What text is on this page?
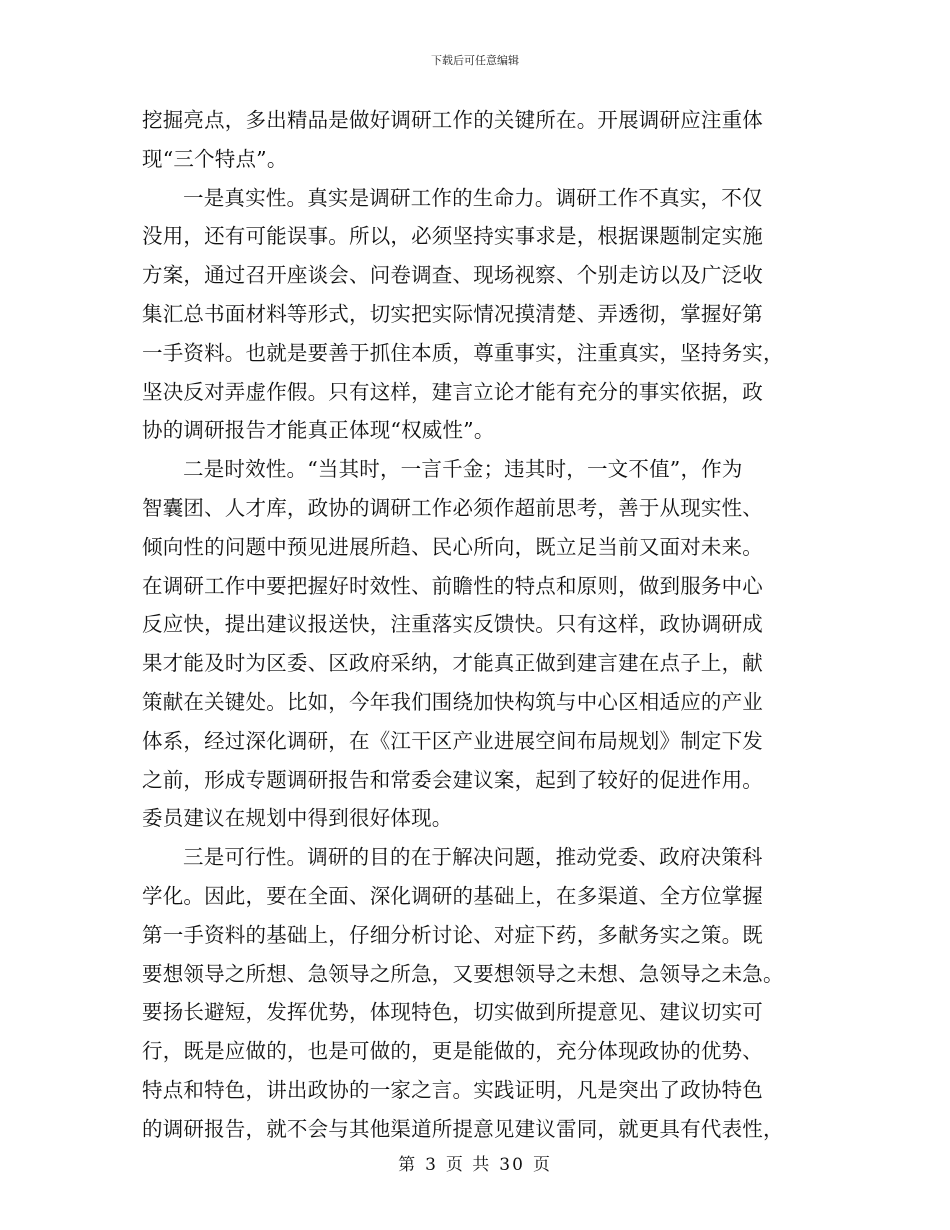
下载后可任意编辑
挖掘亮点，多出精品是做好调研工作的关键所在。开展调研应注重体
现“三个特点”。
一是真实性。真实是调研工作的生命力。调研工作不真实，不仅
没用，还有可能误事。所以，必须坚持实事求是，根据课题制定实施
方案，通过召开座谈会、问卷调查、现场视察、个别走访以及广泛收
集汇总书面材料等形式，切实把实际情况摸清楚、弄透彻，掌握好第
一手资料。也就是要善于抓住本质，尊重事实，注重真实，坚持务实，
坚决反对弄虚作假。只有这样，建言立论才能有充分的事实依据，政
协的调研报告才能真正体现“权威性”。
二是时效性。“当其时，一言千金；违其时，一文不值”，作为
智囊团、人才库，政协的调研工作必须作超前思考，善于从现实性、
倾向性的问题中预见进展所趋、民心所向，既立足当前又面对未来。
在调研工作中要把握好时效性、前瞻性的特点和原则，做到服务中心
反应快，提出建议报送快，注重落实反馈快。只有这样，政协调研成
果才能及时为区委、区政府采纳，才能真正做到建言建在点子上，献
策献在关键处。比如，今年我们围绕加快构筑与中心区相适应的产业
体系，经过深化调研，在《江干区产业进展空间布局规划》制定下发
之前，形成专题调研报告和常委会建议案，起到了较好的促进作用。
委员建议在规划中得到很好体现。
三是可行性。调研的目的在于解决问题，推动党委、政府决策科
学化。因此，要在全面、深化调研的基础上，在多渠道、全方位掌握
第一手资料的基础上，仔细分析讨论、对症下药，多献务实之策。既
要想领导之所想、急领导之所急，又要想领导之未想、急领导之未急。
要扬长避短，发挥优势，体现特色，切实做到所提意见、建议切实可
行，既是应做的，也是可做的，更是能做的，充分体现政协的优势、
特点和特色，讲出政协的一家之言。实践证明，凡是突出了政协特色
的调研报告，就不会与其他渠道所提意见建议雷同，就更具有代表性，
第 3 页 共 30 页
